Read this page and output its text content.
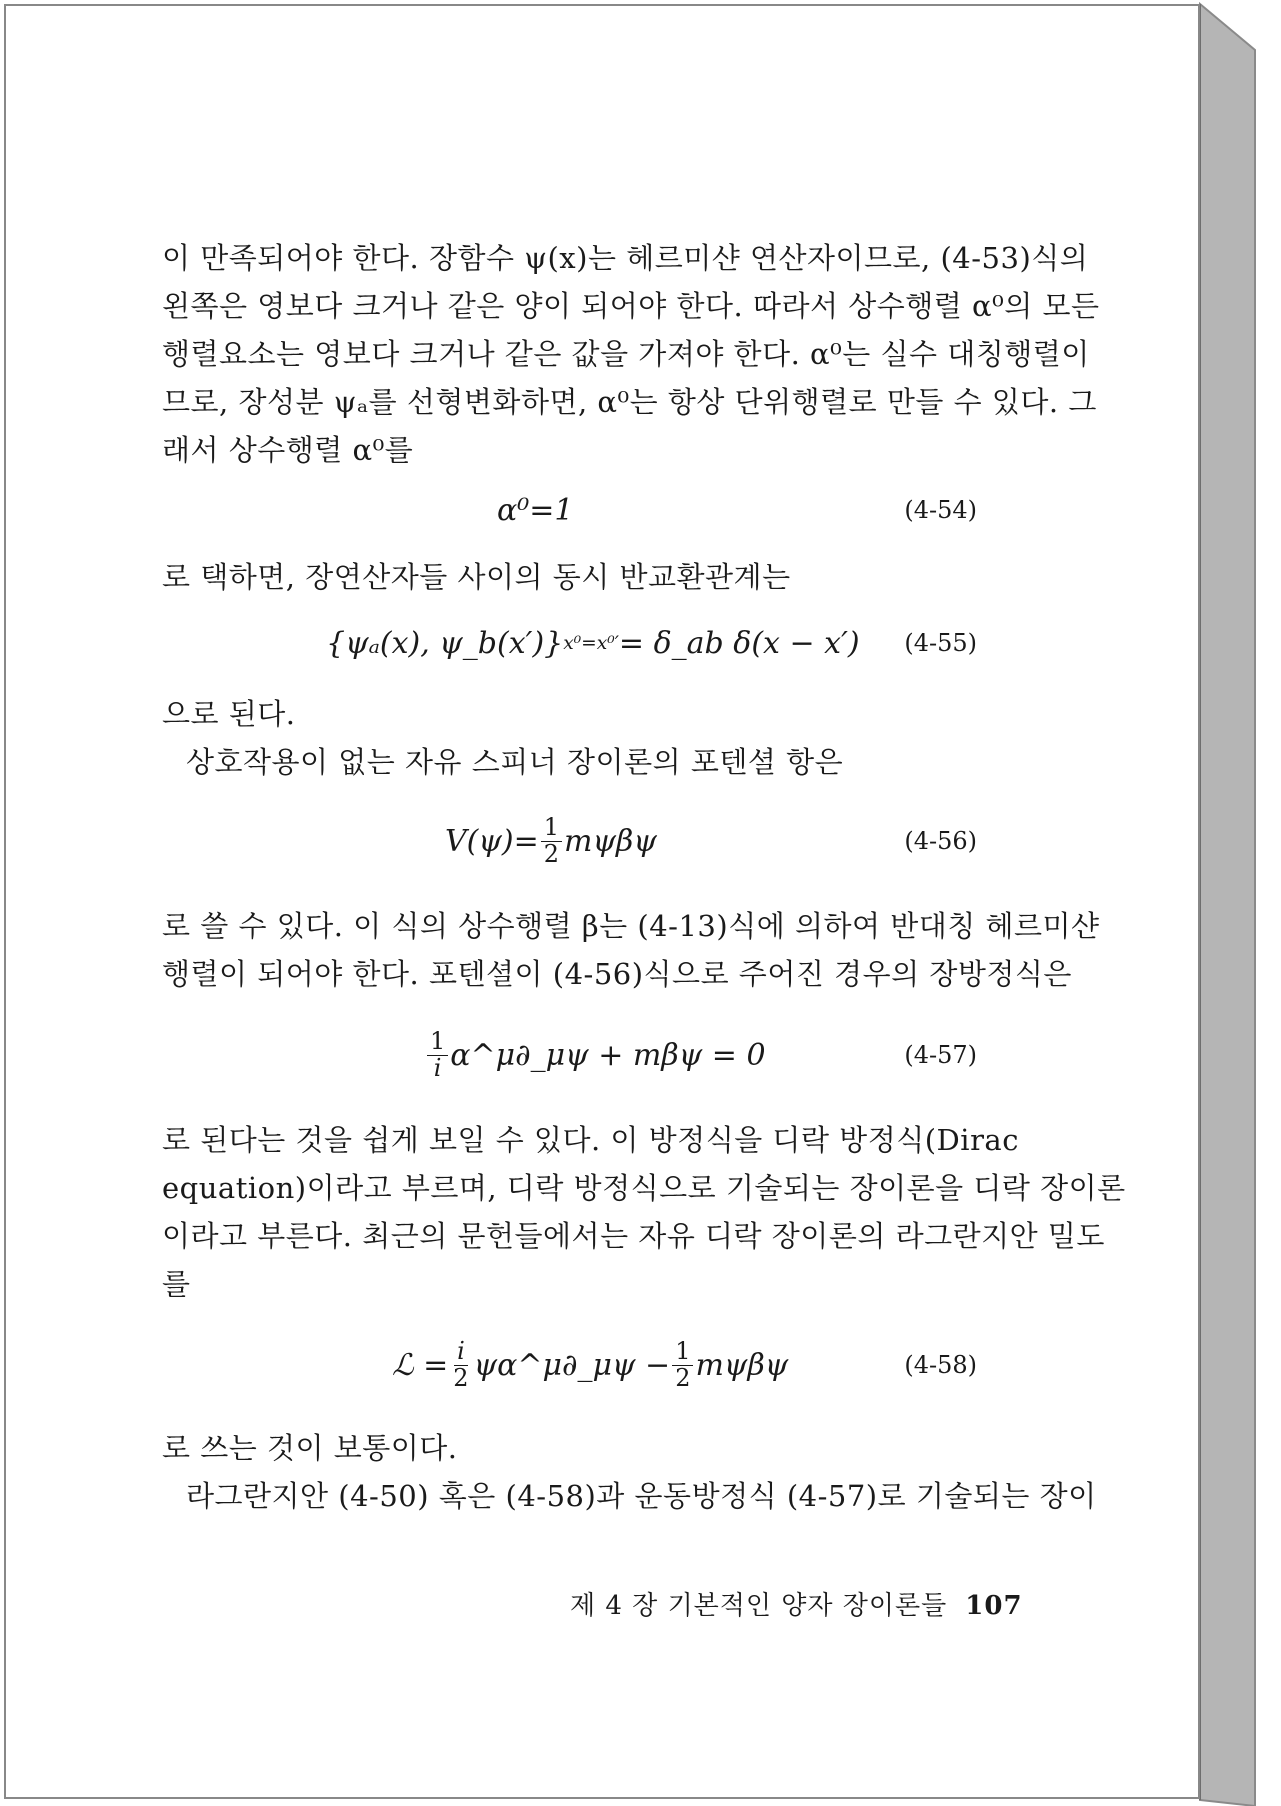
이 만족되어야 한다. 장함수 ψ(x)는 헤르미샨 연산자이므로, (4-53)식의
왼쪽은 영보다 크거나 같은 양이 되어야 한다. 따라서 상수행렬 α⁰의 모든
행렬요소는 영보다 크거나 같은 값을 가져야 한다. α⁰는 실수 대칭행렬이
므로, 장성분 ψₐ를 선형변화하면, α⁰는 항상 단위행렬로 만들 수 있다. 그
래서 상수행렬 α⁰를
α⁰=1	(4-54)
로 택하면, 장연산자들 사이의 동시 반교환관계는
{ψₐ(x), ψ_b(x′)} x⁰=x⁰′ = δ_ab δ(x − x′) (4-55)
으로 된다.
상호작용이 없는 자유 스피너 장이론의 포텐셜 항은
$V(\psi)= \frac{1}{2}$ mψβψ	(4-56)
로 쓸 수 있다. 이 식의 상수행렬 β는 (4-13)식에 의하여 반대칭 헤르미샨
행렬이 되어야 한다. 포텐셜이 (4-56)식으로 주어진 경우의 장방정식은
$\frac{1}{i}$ α^μ∂_μψ + mβψ = 0	(4-57)
로 된다는 것을 쉽게 보일 수 있다. 이 방정식을 디락 방정식(Dirac
equation)이라고 부르며, 디락 방정식으로 기술되는 장이론을 디락 장이론
이라고 부른다. 최근의 문헌들에서는 자유 디락 장이론의 라그란지안 밀도
를
ℒ = $\frac{i}{2}$ ψα^μ∂_μψ − $\frac{1}{2}$ mψβψ	(4-58)
로 쓰는 것이 보통이다.
라그란지안 (4-50) 혹은 (4-58)과 운동방정식 (4-57)로 기술되는 장이
제 4 장 기본적인 양자 장이론들 107
